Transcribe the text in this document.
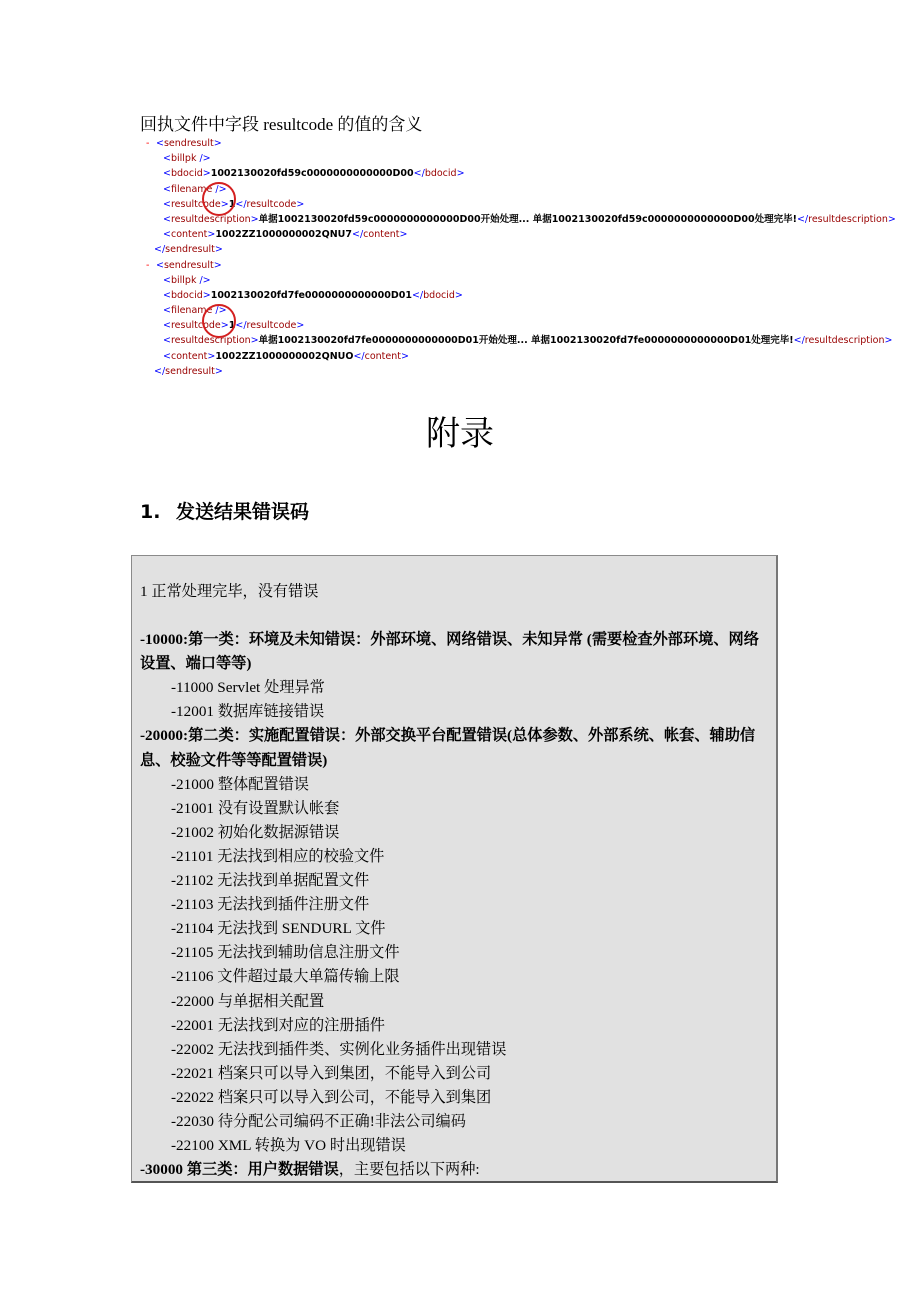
回执文件中字段 resultcode 的值的含义
- <sendresult>
<billpk />
<bdocid>1002130020fd59c0000000000000D00</bdocid>
<filename />
<resultcode>1</resultcode>
<resultdescription>单据1002130020fd59c0000000000000D00开始处理... 单据1002130020fd59c0000000000000D00处理完毕!</resultdescription>
<content>1002ZZ1000000002QNU7</content>
</sendresult>
- <sendresult>
<billpk />
<bdocid>1002130020fd7fe0000000000000D01</bdocid>
<filename />
<resultcode>1</resultcode>
<resultdescription>单据1002130020fd7fe0000000000000D01开始处理... 单据1002130020fd7fe0000000000000D01处理完毕!</resultdescription>
<content>1002ZZ1000000002QNUO</content>
</sendresult>
附录
1. 发送结果错误码
1 正常处理完毕，没有错误
-10000:第一类：环境及未知错误：外部环境、网络错误、未知异常 (需要检查外部环境、网络设置、端口等等)
-11000 Servlet 处理异常
-12001 数据库链接错误
-20000:第二类：实施配置错误：外部交换平台配置错误(总体参数、外部系统、帐套、辅助信息、校验文件等等配置错误)
-21000 整体配置错误
-21001 没有设置默认帐套
-21002 初始化数据源错误
-21101 无法找到相应的校验文件
-21102 无法找到单据配置文件
-21103 无法找到插件注册文件
-21104 无法找到 SENDURL 文件
-21105 无法找到辅助信息注册文件
-21106 文件超过最大单篇传输上限
-22000 与单据相关配置
-22001 无法找到对应的注册插件
-22002 无法找到插件类、实例化业务插件出现错误
-22021 档案只可以导入到集团，不能导入到公司
-22022 档案只可以导入到公司，不能导入到集团
-22030 待分配公司编码不正确!非法公司编码
-22100 XML 转换为 VO 时出现错误
-30000 第三类：用户数据错误，主要包括以下两种:
